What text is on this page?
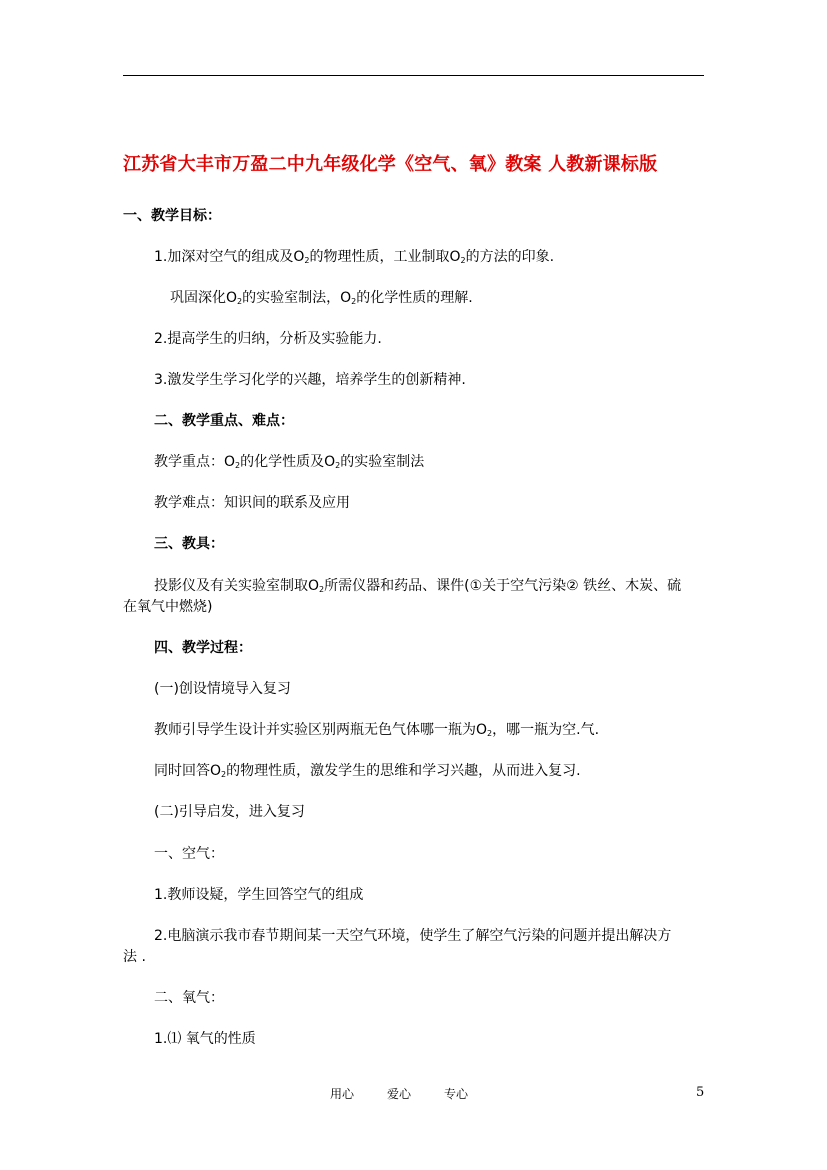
江苏省大丰市万盈二中九年级化学《空气、氧》教案 人教新课标版
一、教学目标：
1.加深对空气的组成及$O_2$的物理性质，工业制取$O_2$的方法的印象.
巩固深化$O_2$的实验室制法，$O_2$的化学性质的理解.
2.提高学生的归纳，分析及实验能力.
3.激发学生学习化学的兴趣，培养学生的创新精神.
二、教学重点、难点：
教学重点：$O_2$的化学性质及$O_2$的实验室制法
教学难点：知识间的联系及应用
三、教具：
投影仪及有关实验室制取$O_2$所需仪器和药品、课件(①关于空气污染② 铁丝、木炭、硫
在氧气中燃烧)
四、教学过程：
(一)创设情境导入复习
教师引导学生设计并实验区别两瓶无色气体哪一瓶为$O_2$，哪一瓶为空.气.
同时回答$O_2$的物理性质，激发学生的思维和学习兴趣，从而进入复习.
(二)引导启发，进入复习
一、空气：
1.教师设疑，学生回答空气的组成
2.电脑演示我市春节期间某一天空气环境，使学生了解空气污染的问题并提出解决方
法 .
二、氧气：
1.⑴ 氧气的性质
用心	爱心	专心	5
